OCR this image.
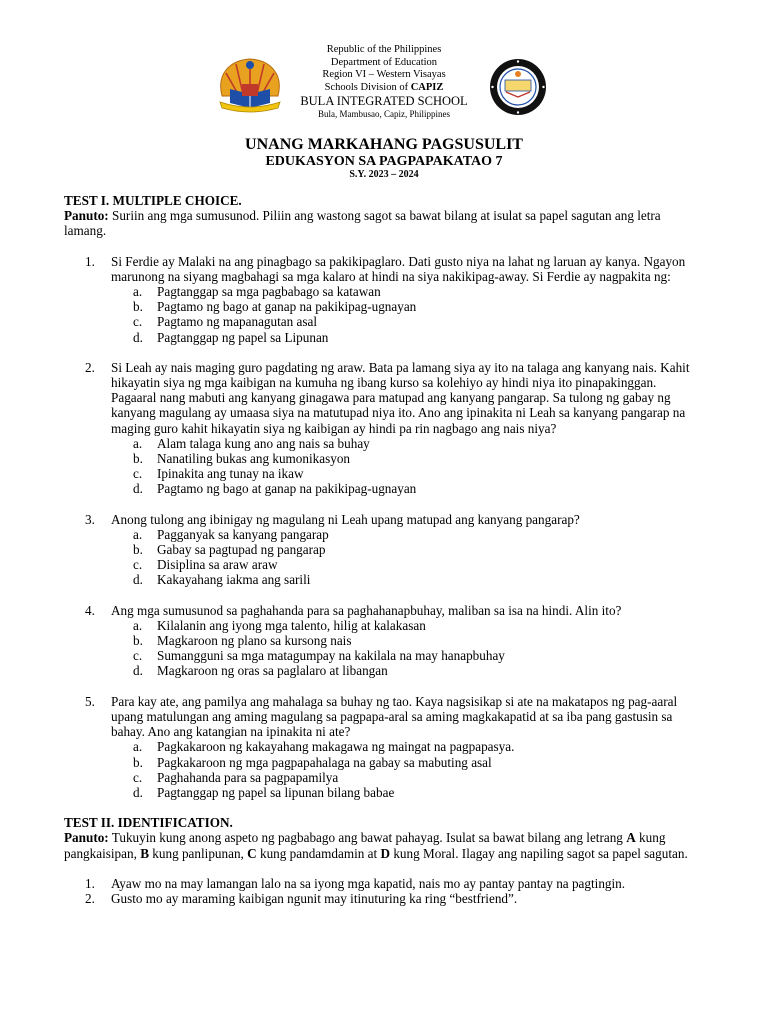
Republic of the Philippines
Department of Education
Region VI – Western Visayas
Schools Division of CAPIZ
BULA INTEGRATED SCHOOL
Bula, Mambusao, Capiz, Philippines
UNANG MARKAHANG PAGSUSULIT
EDUKASYON SA PAGPAPAKATAO 7
S.Y. 2023 – 2024
TEST I. MULTIPLE CHOICE.
Panuto: Suriin ang mga sumusunod. Piliin ang wastong sagot sa bawat bilang at isulat sa papel sagutan ang letra lamang.
1. Si Ferdie ay Malaki na ang pinagbago sa pakikipaglaro. Dati gusto niya na lahat ng laruan ay kanya. Ngayon marunong na siyang magbahagi sa mga kalaro at hindi na siya nakikipag-away. Si Ferdie ay nagpakita ng:
a. Pagtanggap sa mga pagbabago sa katawan
b. Pagtamo ng bago at ganap na pakikipag-ugnayan
c. Pagtamo ng mapanagutan asal
d. Pagtanggap ng papel sa Lipunan
2. Si Leah ay nais maging guro pagdating ng araw. Bata pa lamang siya ay ito na talaga ang kanyang nais. Kahit hikayatin siya ng mga kaibigan na kumuha ng ibang kurso sa kolehiyo ay hindi niya ito pinapakinggan. Pagaaral nang mabuti ang kanyang ginagawa para matupad ang kanyang pangarap. Sa tulong ng gabay ng kanyang magulang ay umaasa siya na matutupad niya ito. Ano ang ipinakita ni Leah sa kanyang pangarap na maging guro kahit hikayatin siya ng kaibigan ay hindi pa rin nagbago ang nais niya?
a. Alam talaga kung ano ang nais sa buhay
b. Nanatiling bukas ang kumonikasyon
c. Ipinakita ang tunay na ikaw
d. Pagtamo ng bago at ganap na pakikipag-ugnayan
3. Anong tulong ang ibinigay ng magulang ni Leah upang matupad ang kanyang pangarap?
a. Pagganyak sa kanyang pangarap
b. Gabay sa pagtupad ng pangarap
c. Disiplina sa araw araw
d. Kakayahang iakma ang sarili
4. Ang mga sumusunod sa paghahanda para sa paghahanapbuhay, maliban sa isa na hindi. Alin ito?
a. Kilalanin ang iyong mga talento, hilig at kalakasan
b. Magkaroon ng plano sa kursong nais
c. Sumangguni sa mga matagumpay na kakilala na may hanapbuhay
d. Magkaroon ng oras sa paglalaro at libangan
5. Para kay ate, ang pamilya ang mahalaga sa buhay ng tao. Kaya nagsisikap si ate na makatapos ng pag-aaral upang matulungan ang aming magulang sa pagpapa-aral sa aming magkakapatid at sa iba pang gastusin sa bahay. Ano ang katangian na ipinakita ni ate?
a. Pagkakaroon ng kakayahang makagawa ng maingat na pagpapasya.
b. Pagkakaroon ng mga pagpapahalaga na gabay sa mabuting asal
c. Paghahanda para sa pagpapamilya
d. Pagtanggap ng papel sa lipunan bilang babae
TEST II. IDENTIFICATION.
Panuto: Tukuyin kung anong aspeto ng pagbabago ang bawat pahayag. Isulat sa bawat bilang ang letrang A kung pangkaisipan, B kung panlipunan, C kung pandamdamin at D kung Moral. Ilagay ang napiling sagot sa papel sagutan.
1. Ayaw mo na may lamangan lalo na sa iyong mga kapatid, nais mo ay pantay pantay na pagtingin.
2. Gusto mo ay maraming kaibigan ngunit may itinuturing ka ring “bestfriend”.
